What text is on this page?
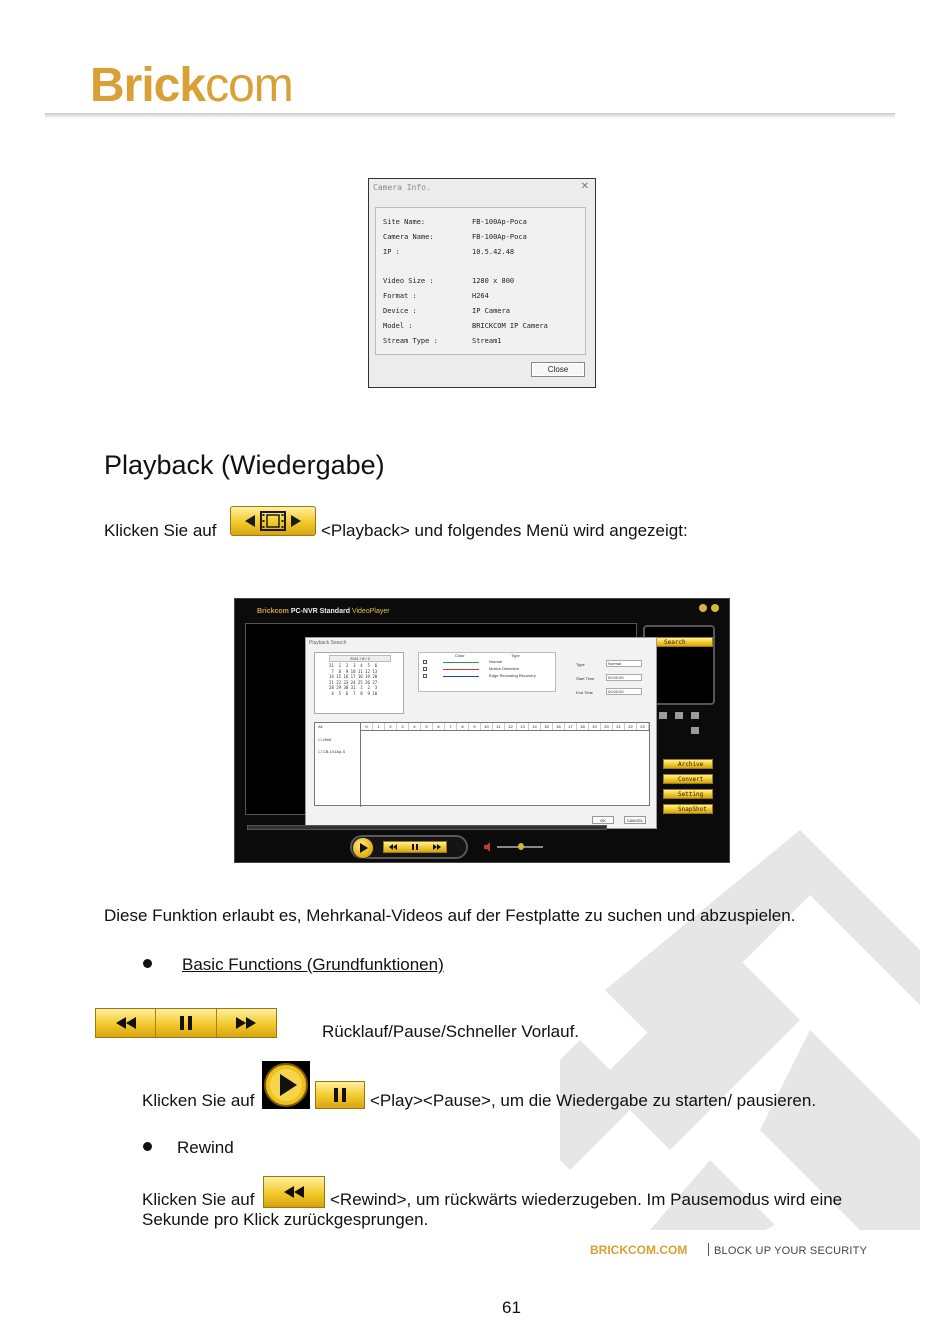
Brickcom
Camera Info.	✕
Site Name:	FB-100Ap-Poca
Camera Name:	FB-100Ap-Poca
IP :	10.5.42.48
Video Size :	1280 x 800
Format :	H264
Device :	IP Camera
Model :	BRICKCOM IP Camera
Stream Type :	Stream1
Close
Playback (Wiedergabe)
Klicken Sie auf	<Playback> und folgendes Menü wird angezeigt:
Brickcom PC-NVR Standard VideoPlayer
Search
Archive
Convert
Setting
SnapShot
Playback Search
2011 / 8 / 2
31  1  2  3  4  5  6
7  8  9 10 11 12 13
14 15 16 17 18 19 20
21 22 23 24 25 26 27
28 29 30 31  1  2  3
4  5  6  7  8  9 10
Color	Type
Normal
Motion Detection
Edge Recording Recovery
Type	Normal
Start Time	00:00:00
End Time	00:00:00
All
☐ v9n6
☐ CB-101Ap-S
0	1	2	3	4	5	6	7	8	9	10	11	12	13	14	15	16	17	18	19	20	21	22	23
OK	CANCEL
Diese Funktion erlaubt es, Mehrkanal-Videos auf der Festplatte zu suchen und abzuspielen.
Basic Functions (Grundfunktionen)
Rücklauf/Pause/Schneller Vorlauf.
Klicken Sie auf	<Play><Pause>, um die Wiedergabe zu starten/ pausieren.
Rewind
Klicken Sie auf	<Rewind>, um rückwärts wiederzugeben. Im Pausemodus wird eine
Sekunde pro Klick zurückgesprungen.
BRICKCOM.COM BLOCK UP YOUR SECURITY
61
